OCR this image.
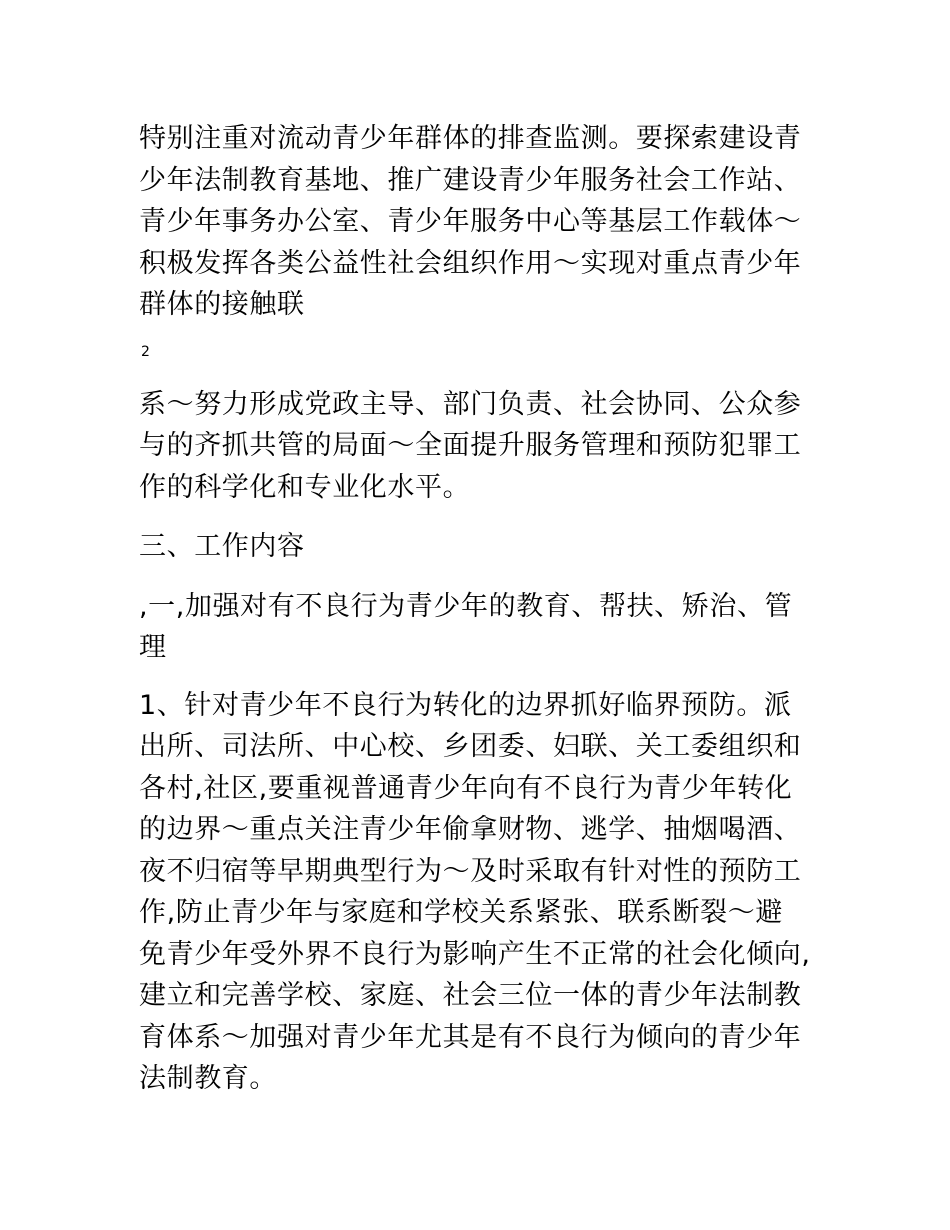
特别注重对流动青少年群体的排查监测。要探索建设青
少年法制教育基地、推广建设青少年服务社会工作站、
青少年事务办公室、青少年服务中心等基层工作载体～
积极发挥各类公益性社会组织作用～实现对重点青少年
群体的接触联

2

系～努力形成党政主导、部门负责、社会协同、公众参
与的齐抓共管的局面～全面提升服务管理和预防犯罪工
作的科学化和专业化水平。

三、工作内容

,一,加强对有不良行为青少年的教育、帮扶、矫治、管
理

1、针对青少年不良行为转化的边界抓好临界预防。派
出所、司法所、中心校、乡团委、妇联、关工委组织和
各村,社区,要重视普通青少年向有不良行为青少年转化
的边界～重点关注青少年偷拿财物、逃学、抽烟喝酒、
夜不归宿等早期典型行为～及时采取有针对性的预防工
作,防止青少年与家庭和学校关系紧张、联系断裂～避
免青少年受外界不良行为影响产生不正常的社会化倾向,
建立和完善学校、家庭、社会三位一体的青少年法制教
育体系～加强对青少年尤其是有不良行为倾向的青少年
法制教育。
